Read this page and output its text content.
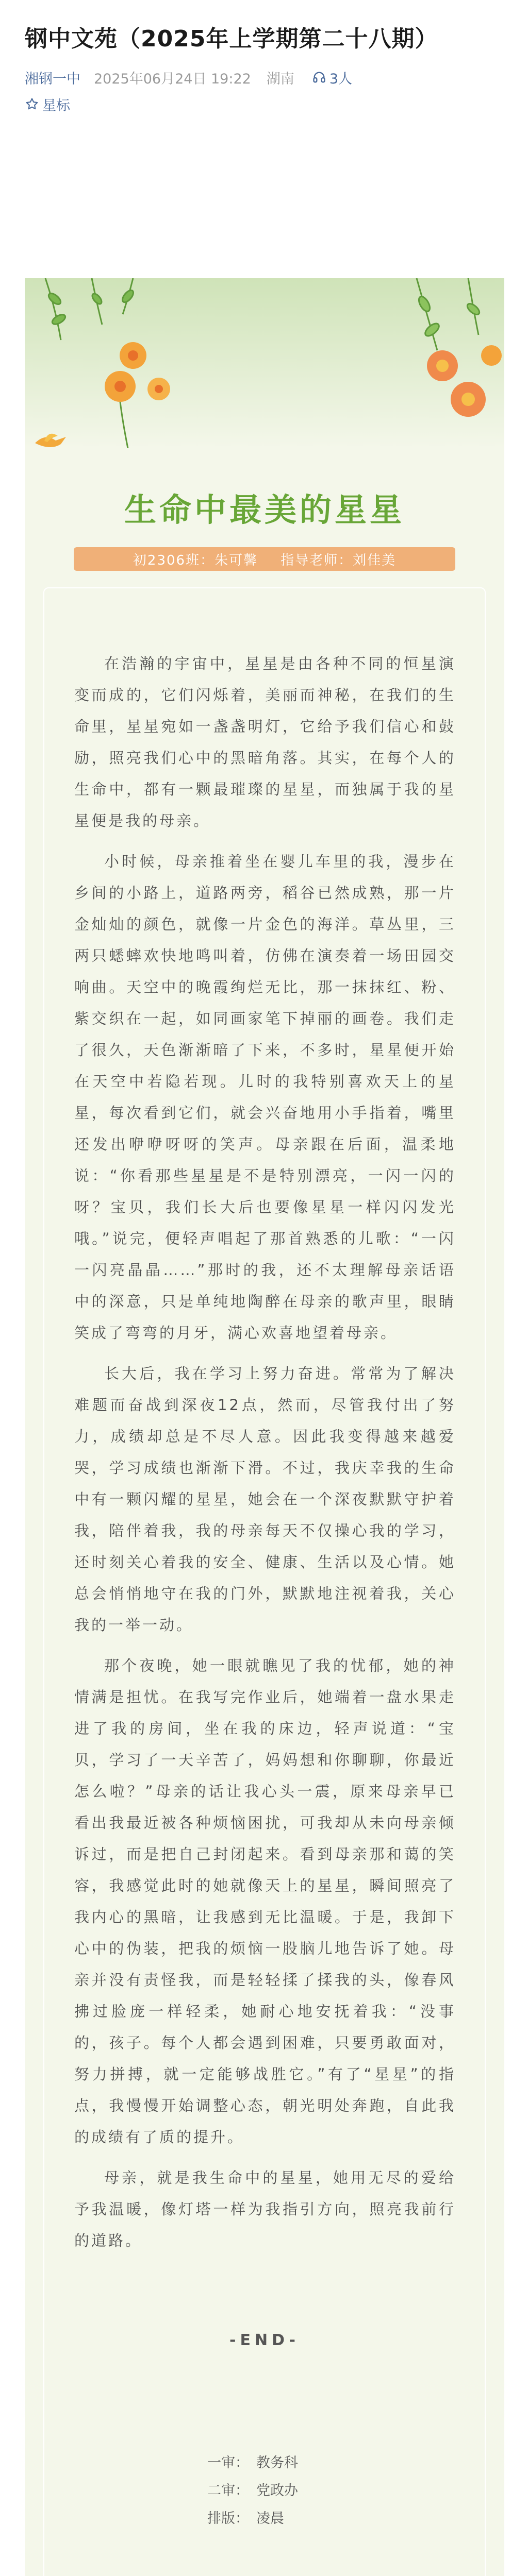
钢中文苑（2025年上学期第二十八期）
湘钢一中 2025年06月24日 19:22 湖南	3人
星标
生命中最美的星星
初2306班：朱可馨 指导老师：刘佳美

在浩瀚的宇宙中，星星是由各种不同的恒星演变而成的，它们闪烁着，美丽而神秘，在我们的生命里，星星宛如一盏盏明灯，它给予我们信心和鼓励，照亮我们心中的黑暗角落。其实，在每个人的生命中，都有一颗最璀璨的星星，而独属于我的星星便是我的母亲。

小时候，母亲推着坐在婴儿车里的我，漫步在乡间的小路上，道路两旁，稻谷已然成熟，那一片金灿灿的颜色，就像一片金色的海洋。草丛里，三两只蟋蟀欢快地鸣叫着，仿佛在演奏着一场田园交响曲。天空中的晚霞绚烂无比，那一抹抹红、粉、紫交织在一起，如同画家笔下掉丽的画卷。我们走了很久，天色渐渐暗了下来，不多时，星星便开始在天空中若隐若现。儿时的我特别喜欢天上的星星，每次看到它们，就会兴奋地用小手指着，嘴里还发出咿咿呀呀的笑声。母亲跟在后面，温柔地说：“你看那些星星是不是特别漂亮，一闪一闪的呀？宝贝，我们长大后也要像星星一样闪闪发光哦。”说完，便轻声唱起了那首熟悉的儿歌：“一闪一闪亮晶晶……”那时的我，还不太理解母亲话语中的深意，只是单纯地陶醉在母亲的歌声里，眼睛笑成了弯弯的月牙，满心欢喜地望着母亲。

长大后，我在学习上努力奋进。常常为了解决难题而奋战到深夜12点，然而，尽管我付出了努力，成绩却总是不尽人意。因此我变得越来越爱哭，学习成绩也渐渐下滑。不过，我庆幸我的生命中有一颗闪耀的星星，她会在一个深夜默默守护着我，陪伴着我，我的母亲每天不仅操心我的学习，还时刻关心着我的安全、健康、生活以及心情。她总会悄悄地守在我的门外，默默地注视着我，关心我的一举一动。

那个夜晚，她一眼就瞧见了我的忧郁，她的神情满是担忧。在我写完作业后，她端着一盘水果走进了我的房间，坐在我的床边，轻声说道：“宝贝，学习了一天辛苦了，妈妈想和你聊聊，你最近怎么啦？”母亲的话让我心头一震，原来母亲早已看出我最近被各种烦恼困扰，可我却从未向母亲倾诉过，而是把自己封闭起来。看到母亲那和蔼的笑容，我感觉此时的她就像天上的星星，瞬间照亮了我内心的黑暗，让我感到无比温暖。于是，我卸下心中的伪装，把我的烦恼一股脑儿地告诉了她。母亲并没有责怪我，而是轻轻揉了揉我的头，像春风拂过脸庞一样轻柔，她耐心地安抚着我：“没事的，孩子。每个人都会遇到困难，只要勇敢面对，努力拼搏，就一定能够战胜它。”有了“星星”的指点，我慢慢开始调整心态，朝光明处奔跑，自此我的成绩有了质的提升。

母亲，就是我生命中的星星，她用无尽的爱给予我温暖，像灯塔一样为我指引方向，照亮我前行的道路。

-END-
一审： 教务科
二审： 党政办
排版： 凌晨
